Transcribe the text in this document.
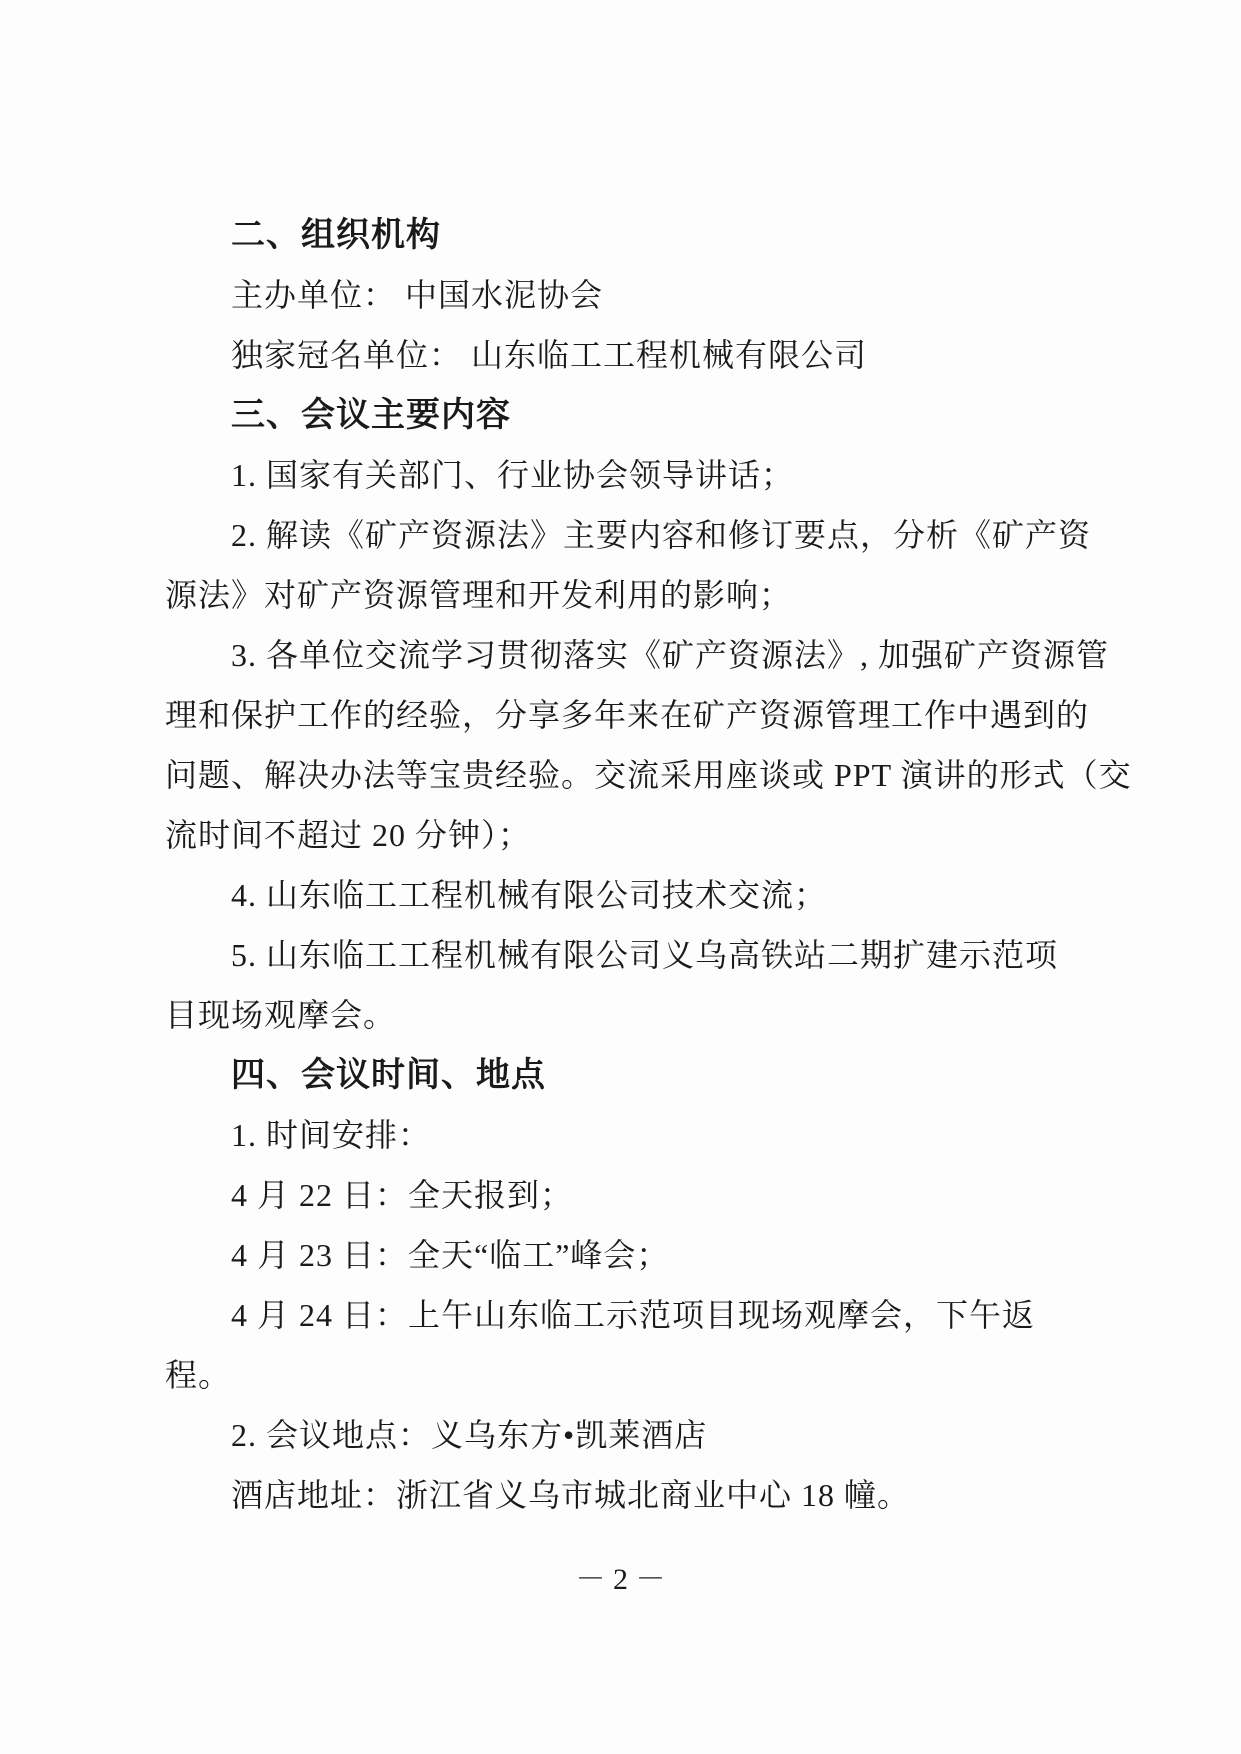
二、组织机构
主办单位： 中国水泥协会
独家冠名单位： 山东临工工程机械有限公司
三、会议主要内容
1. 国家有关部门、行业协会领导讲话；
2. 解读《矿产资源法》主要内容和修订要点，分析《矿产资
源法》对矿产资源管理和开发利用的影响；
3. 各单位交流学习贯彻落实《矿产资源法》, 加强矿产资源管
理和保护工作的经验，分享多年来在矿产资源管理工作中遇到的
问题、解决办法等宝贵经验。交流采用座谈或 PPT 演讲的形式（交
流时间不超过 20 分钟）；
4. 山东临工工程机械有限公司技术交流；
5. 山东临工工程机械有限公司义乌高铁站二期扩建示范项
目现场观摩会。
四、会议时间、地点
1. 时间安排：
4 月 22 日：全天报到；
4 月 23 日：全天“临工”峰会；
4 月 24 日：上午山东临工示范项目现场观摩会，下午返
程。
2. 会议地点：义乌东方•凯莱酒店
酒店地址：浙江省义乌市城北商业中心 18 幢。
－ 2 －
